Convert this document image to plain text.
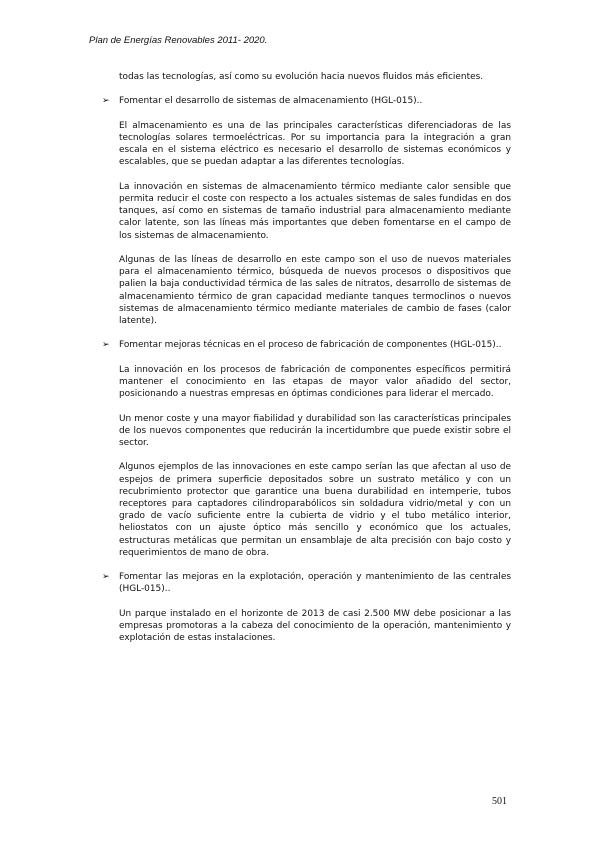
Plan de Energías Renovables 2011- 2020.

todas las tecnologías, así como su evolución hacia nuevos fluidos más eficientes.

➢ Fomentar el desarrollo de sistemas de almacenamiento (HGL-015)..

El almacenamiento es una de las principales características diferenciadoras de las tecnologías solares termoeléctricas. Por su importancia para la integración a gran escala en el sistema eléctrico es necesario el desarrollo de sistemas económicos y escalables, que se puedan adaptar a las diferentes tecnologías.

La innovación en sistemas de almacenamiento térmico mediante calor sensible que permita reducir el coste con respecto a los actuales sistemas de sales fundidas en dos tanques, así como en sistemas de tamaño industrial para almacenamiento mediante calor latente, son las líneas más importantes que deben fomentarse en el campo de los sistemas de almacenamiento.

Algunas de las líneas de desarrollo en este campo son el uso de nuevos materiales para el almacenamiento térmico, búsqueda de nuevos procesos o dispositivos que palien la baja conductividad térmica de las sales de nitratos, desarrollo de sistemas de almacenamiento térmico de gran capacidad mediante tanques termoclinos o nuevos sistemas de almacenamiento térmico mediante materiales de cambio de fases (calor latente).

➢ Fomentar mejoras técnicas en el proceso de fabricación de componentes (HGL-015)..

La innovación en los procesos de fabricación de componentes específicos permitirá mantener el conocimiento en las etapas de mayor valor añadido del sector, posicionando a nuestras empresas en óptimas condiciones para liderar el mercado.

Un menor coste y una mayor fiabilidad y durabilidad son las características principales de los nuevos componentes que reducirán la incertidumbre que puede existir sobre el sector.

Algunos ejemplos de las innovaciones en este campo serían las que afectan al uso de espejos de primera superficie depositados sobre un sustrato metálico y con un recubrimiento protector que garantice una buena durabilidad en intemperie, tubos receptores para captadores cilindroparabólicos sin soldadura vidrio/metal y con un grado de vacío suficiente entre la cubierta de vidrio y el tubo metálico interior, heliostatos con un ajuste óptico más sencillo y económico que los actuales, estructuras metálicas que permitan un ensamblaje de alta precisión con bajo costo y requerimientos de mano de obra.

➢ Fomentar las mejoras en la explotación, operación y mantenimiento de las centrales (HGL-015)..

Un parque instalado en el horizonte de 2013 de casi 2.500 MW debe posicionar a las empresas promotoras a la cabeza del conocimiento de la operación, mantenimiento y explotación de estas instalaciones.

501
